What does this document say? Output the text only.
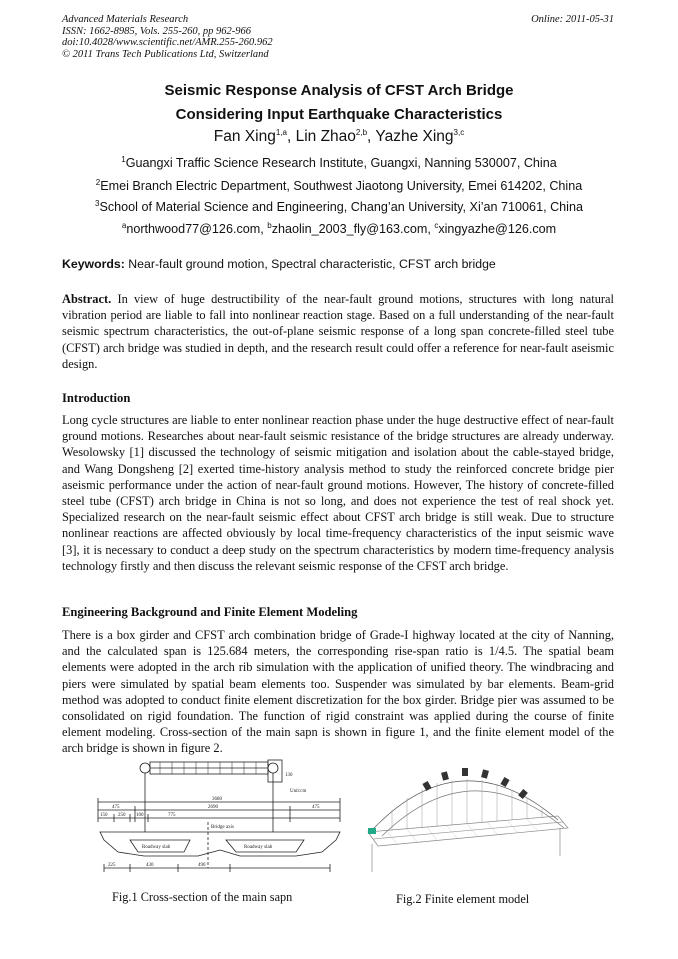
Advanced Materials Research
ISSN: 1662-8985, Vols. 255-260, pp 962-966
doi:10.4028/www.scientific.net/AMR.255-260.962
© 2011 Trans Tech Publications Ltd, Switzerland
Online: 2011-05-31
Seismic Response Analysis of CFST Arch Bridge
Considering Input Earthquake Characteristics
Fan Xing$^{1,a}$, Lin Zhao$^{2,b}$, Yazhe Xing$^{3,c}$
$^1$Guangxi Traffic Science Research Institute, Guangxi, Nanning 530007, China
$^2$Emei Branch Electric Department, Southwest Jiaotong University, Emei 614202, China
$^3$School of Material Science and Engineering, Chang’an University, Xi’an 710061, China
$^a$northwood77@126.com, $^b$zhaolin_2003_fly@163.com, $^c$xingyazhe@126.com
Keywords: Near-fault ground motion, Spectral characteristic, CFST arch bridge

Abstract. In view of huge destructibility of the near-fault ground motions, structures with long natural vibration period are liable to fall into nonlinear reaction stage. Based on a full understanding of the near-fault seismic spectrum characteristics, the out-of-plane seismic response of a long span concrete-filled steel tube (CFST) arch bridge was studied in depth, and the research result could offer a reference for near-fault aseismic design.

Introduction

Long cycle structures are liable to enter nonlinear reaction phase under the huge destructive effect of near-fault ground motions. Researches about near-fault seismic resistance of the bridge structures are already underway. Wesolowsky [1] discussed the technology of seismic mitigation and isolation about the cable-stayed bridge, and Wang Dongsheng [2] exerted time-history analysis method to study the reinforced concrete bridge pier aseismic performance under the action of near-fault ground motions. However, The history of concrete-filled steel tube (CFST) arch bridge in China is not so long, and does not experience the test of real shock yet. Specialized research on the near-fault seismic effect about CFST arch bridge is still weak. Due to structure nonlinear reactions are affected obviously by local time-frequency characteristics of the input seismic wave [3], it is necessary to conduct a deep study on the spectrum characteristics by modern time-frequency analysis technology firstly and then discuss the relevant seismic response of the CFST arch bridge.

Engineering Background and Finite Element Modeling

There is a box girder and CFST arch combination bridge of Grade-I highway located at the city of Nanning, and the calculated span is 125.684 meters, the corresponding rise-span ratio is 1/4.5. The spatial beam elements were adopted in the arch rib simulation with the application of unified theory. The windbracing and piers were simulated by spatial beam elements too. Suspender was simulated by bar elements. Beam-grid method was adopted to conduct finite element discretization for the box girder. Bridge pier was assumed to be consolidated on rigid foundation. The function of rigid constraint was applied during the course of finite element modeling. Cross-section of the main sapn is shown in figure 1, and the finite element model of the arch bridge is shown in figure 2.

Unit:cm
130
3680
475	2690	475
150 250 100	775
Bridge axis
Roadway slab	Roadway slab
225	430	490
Fig.1 Cross-section of the main sapn	Fig.2 Finite element model
